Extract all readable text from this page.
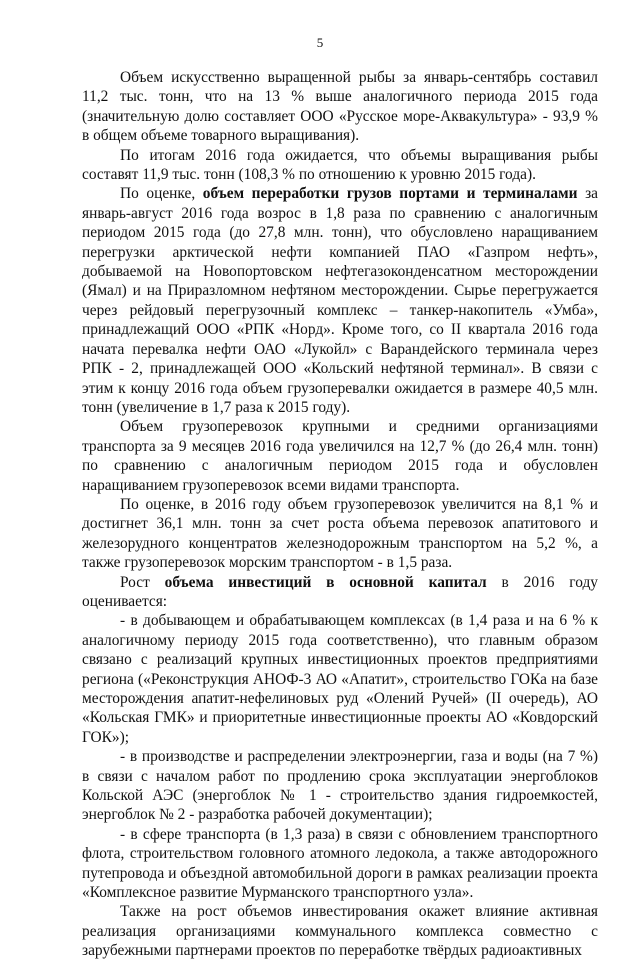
5

Объем искусственно выращенной рыбы за январь-сентябрь составил 11,2 тыс. тонн, что на 13 % выше аналогичного периода 2015 года (значительную долю составляет ООО «Русское море-Аквакультура» - 93,9 % в общем объеме товарного выращивания).

По итогам 2016 года ожидается, что объемы выращивания рыбы составят 11,9 тыс. тонн (108,3 % по отношению к уровню 2015 года).

По оценке, объем переработки грузов портами и терминалами за январь-август 2016 года возрос в 1,8 раза по сравнению с аналогичным периодом 2015 года (до 27,8 млн. тонн), что обусловлено наращиванием перегрузки арктической нефти компанией ПАО «Газпром нефть», добываемой на Новопортовском нефтегазоконденсатном месторождении (Ямал) и на Приразломном нефтяном месторождении. Сырье перегружается через рейдовый перегрузочный комплекс – танкер-накопитель «Умба», принадлежащий ООО «РПК «Норд». Кроме того, со II квартала 2016 года начата перевалка нефти ОАО «Лукойл» с Варандейского терминала через РПК - 2, принадлежащей ООО «Кольский нефтяной терминал». В связи с этим к концу 2016 года объем грузоперевалки ожидается в размере 40,5 млн. тонн (увеличение в 1,7 раза к 2015 году).

Объем грузоперевозок крупными и средними организациями транспорта за 9 месяцев 2016 года увеличился на 12,7 % (до 26,4 млн. тонн) по сравнению с аналогичным периодом 2015 года и обусловлен наращиванием грузоперевозок всеми видами транспорта.

По оценке, в 2016 году объем грузоперевозок увеличится на 8,1 % и достигнет 36,1 млн. тонн за счет роста объема перевозок апатитового и железорудного концентратов железнодорожным транспортом на 5,2 %, а также грузоперевозок морским транспортом - в 1,5 раза.

Рост объема инвестиций в основной капитал в 2016 году оценивается:

- в добывающем и обрабатывающем комплексах (в 1,4 раза и на 6 % к аналогичному периоду 2015 года соответственно), что главным образом связано с реализаций крупных инвестиционных проектов предприятиями региона («Реконструкция АНОФ-3 АО «Апатит», строительство ГОКа на базе месторождения апатит-нефелиновых руд «Олений Ручей» (II очередь), АО «Кольская ГМК» и приоритетные инвестиционные проекты АО «Ковдорский ГОК»);

- в производстве и распределении электроэнергии, газа и воды (на 7 %) в связи с началом работ по продлению срока эксплуатации энергоблоков Кольской АЭС (энергоблок № 1 - строительство здания гидроемкостей, энергоблок № 2 - разработка рабочей документации);

- в сфере транспорта (в 1,3 раза) в связи с обновлением транспортного флота, строительством головного атомного ледокола, а также автодорожного путепровода и объездной автомобильной дороги в рамках реализации проекта «Комплексное развитие Мурманского транспортного узла».

Также на рост объемов инвестирования окажет влияние активная реализация организациями коммунального комплекса совместно с зарубежными партнерами проектов по переработке твёрдых радиоактивных
